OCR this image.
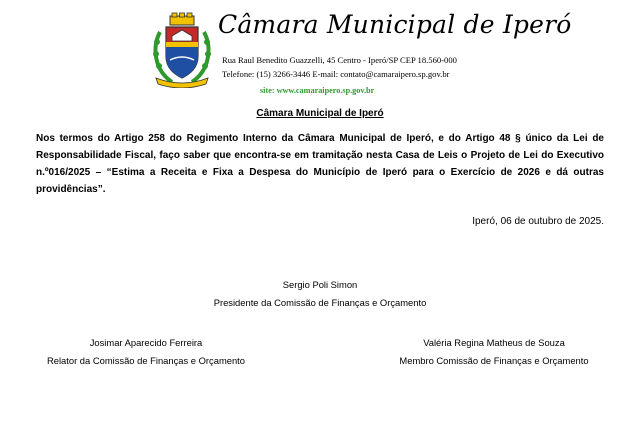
Câmara Municipal de Iperó
Rua Raul Benedito Guazzelli, 45 Centro - Iperó/SP CEP 18.560-000
Telefone: (15) 3266-3446 E-mail: contato@camaraipero.sp.gov.br
site: www.camaraipero.sp.gov.br
Câmara Municipal de Iperó
Nos termos do Artigo 258 do Regimento Interno da Câmara Municipal de Iperó, e do Artigo 48 § único da Lei de Responsabilidade Fiscal, faço saber que encontra-se em tramitação nesta Casa de Leis o Projeto de Lei do Executivo n.º016/2025 – “Estima a Receita e Fixa a Despesa do Município de Iperó para o Exercício de 2026 e dá outras providências”.
Iperó, 06 de outubro de 2025.
Sergio Poli Simon
Presidente da Comissão de Finanças e Orçamento
Josimar Aparecido Ferreira
Relator da Comissão de Finanças e Orçamento
Valéria Regina Matheus de Souza
Membro Comissão de Finanças e Orçamento
